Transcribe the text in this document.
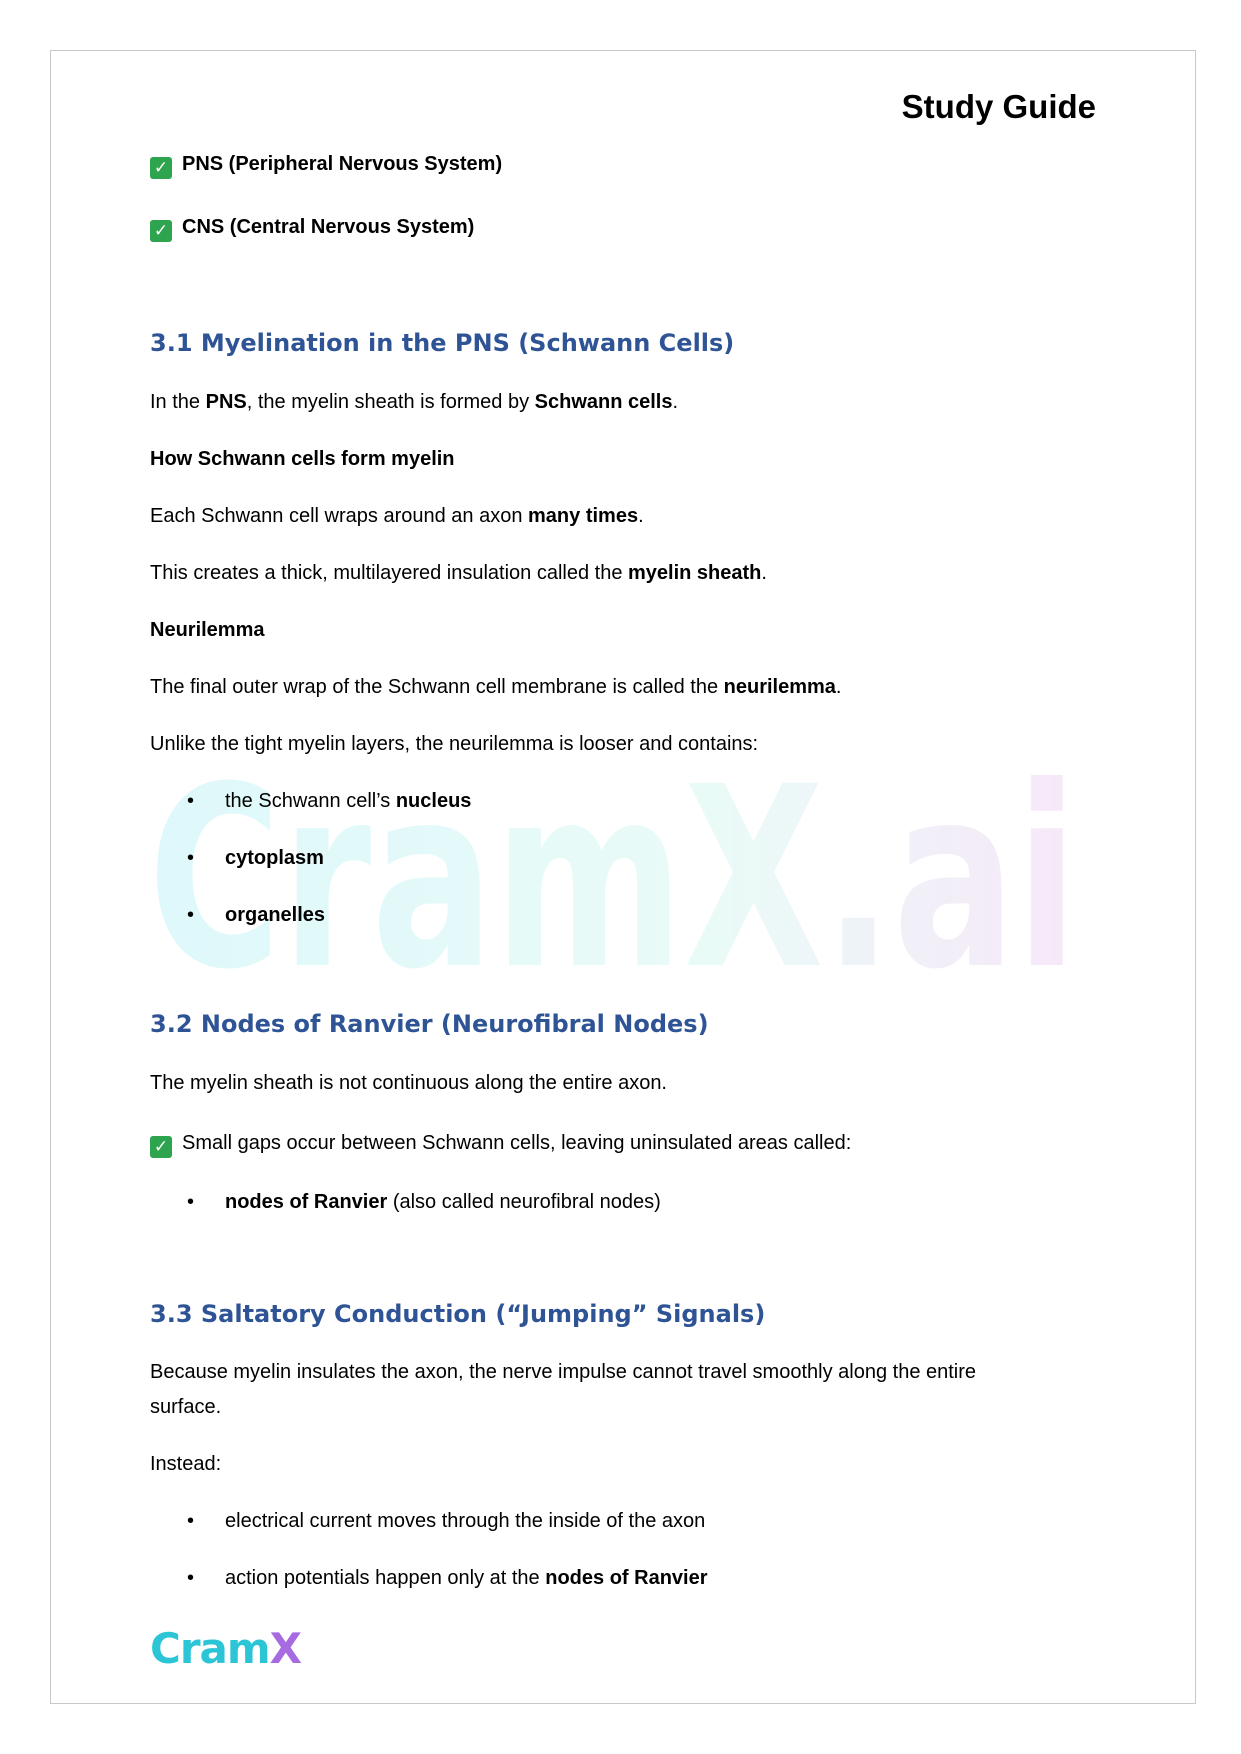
CramX.ai
Study Guide

✓ PNS (Peripheral Nervous System)

✓ CNS (Central Nervous System)

3.1 Myelination in the PNS (Schwann Cells)

In the PNS, the myelin sheath is formed by Schwann cells.

How Schwann cells form myelin

Each Schwann cell wraps around an axon many times.

This creates a thick, multilayered insulation called the myelin sheath.

Neurilemma

The final outer wrap of the Schwann cell membrane is called the neurilemma.

Unlike the tight myelin layers, the neurilemma is looser and contains:

• the Schwann cell’s nucleus

• cytoplasm

• organelles

3.2 Nodes of Ranvier (Neurofibral Nodes)

The myelin sheath is not continuous along the entire axon.

✓ Small gaps occur between Schwann cells, leaving uninsulated areas called:

• nodes of Ranvier (also called neurofibral nodes)

3.3 Saltatory Conduction (“Jumping” Signals)

Because myelin insulates the axon, the nerve impulse cannot travel smoothly along the entire

surface.

Instead:

• electrical current moves through the inside of the axon

• action potentials happen only at the nodes of Ranvier

CramX
